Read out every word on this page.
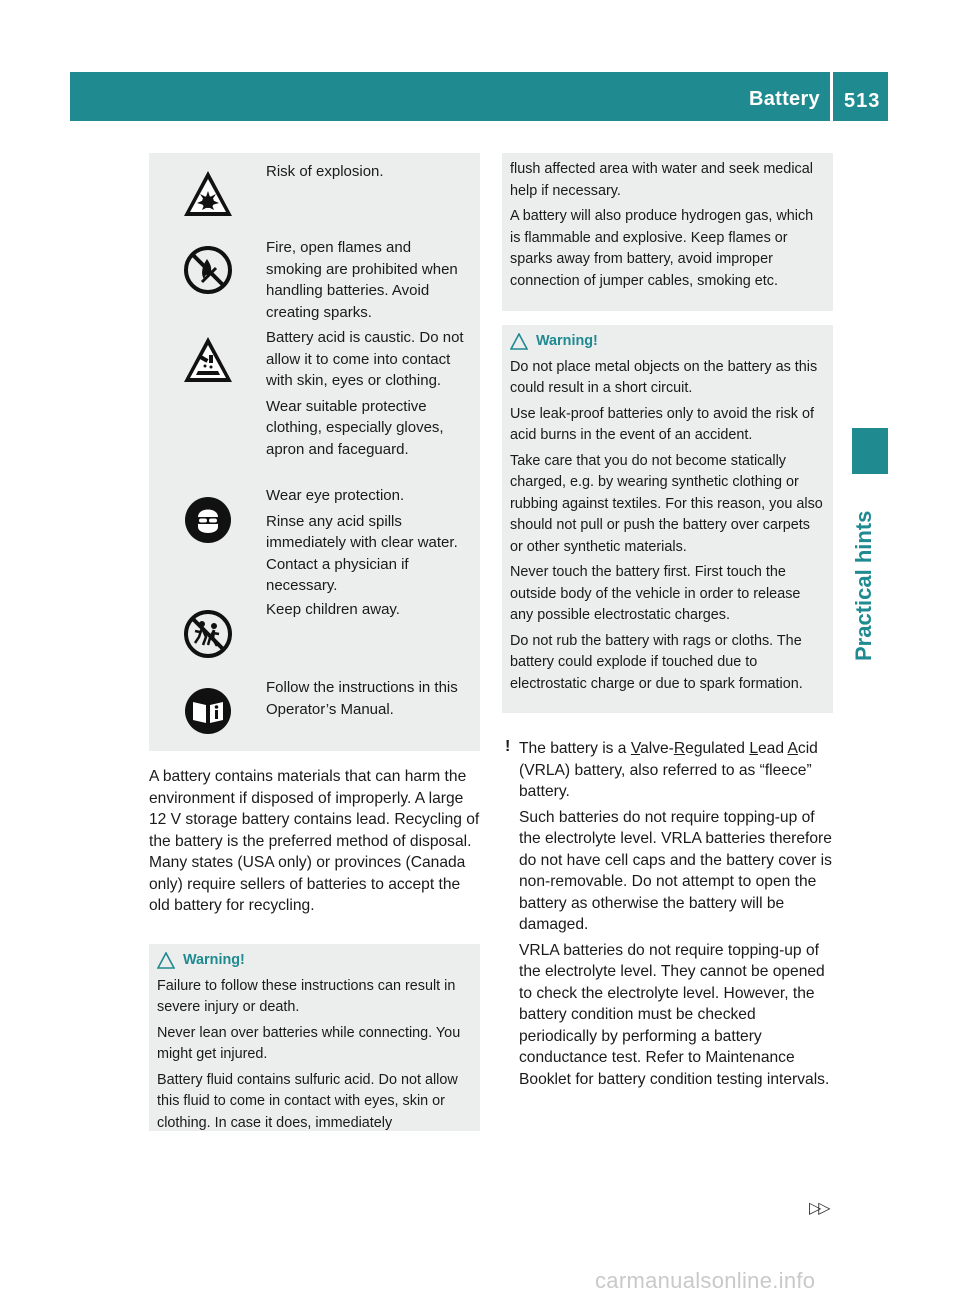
Battery 513
Practical hints

Risk of explosion.

Fire, open flames and smoking are prohibited when handling batteries. Avoid creating sparks.

Battery acid is caustic. Do not allow it to come into contact with skin, eyes or clothing.

Wear suitable protective clothing, especially gloves, apron and faceguard.

Wear eye protection.

Rinse any acid spills immediately with clear water. Contact a physician if necessary.

Keep children away.

Follow the instructions in this Operator’s Manual.

A battery contains materials that can harm the environment if disposed of improperly. A large 12 V storage battery contains lead. Recycling of the battery is the preferred method of disposal. Many states (USA only) or provinces (Canada only) require sellers of batteries to accept the old battery for recycling.

Warning!

Failure to follow these instructions can result in severe injury or death.

Never lean over batteries while connecting. You might get injured.

Battery fluid contains sulfuric acid. Do not allow this fluid to come in contact with eyes, skin or clothing. In case it does, immediately

flush affected area with water and seek medical help if necessary.

A battery will also produce hydrogen gas, which is flammable and explosive. Keep flames or sparks away from battery, avoid improper connection of jumper cables, smoking etc.

Warning!

Do not place metal objects on the battery as this could result in a short circuit.

Use leak-proof batteries only to avoid the risk of acid burns in the event of an accident.

Take care that you do not become statically charged, e.g. by wearing synthetic clothing or rubbing against textiles. For this reason, you also should not pull or push the battery over carpets or other synthetic materials.

Never touch the battery first. First touch the outside body of the vehicle in order to release any possible electrostatic charges.

Do not rub the battery with rags or cloths. The battery could explode if touched due to electrostatic charge or due to spark formation.

! The battery is a Valve-Regulated Lead Acid (VRLA) battery, also referred to as “fleece” battery.

Such batteries do not require topping-up of the electrolyte level. VRLA batteries therefore do not have cell caps and the battery cover is non-removable. Do not attempt to open the battery as otherwise the battery will be damaged.

VRLA batteries do not require topping-up of the electrolyte level. They cannot be opened to check the electrolyte level. However, the battery condition must be checked periodically by performing a battery conductance test. Refer to Maintenance Booklet for battery condition testing intervals.

▷▷
carmanualsonline.info
